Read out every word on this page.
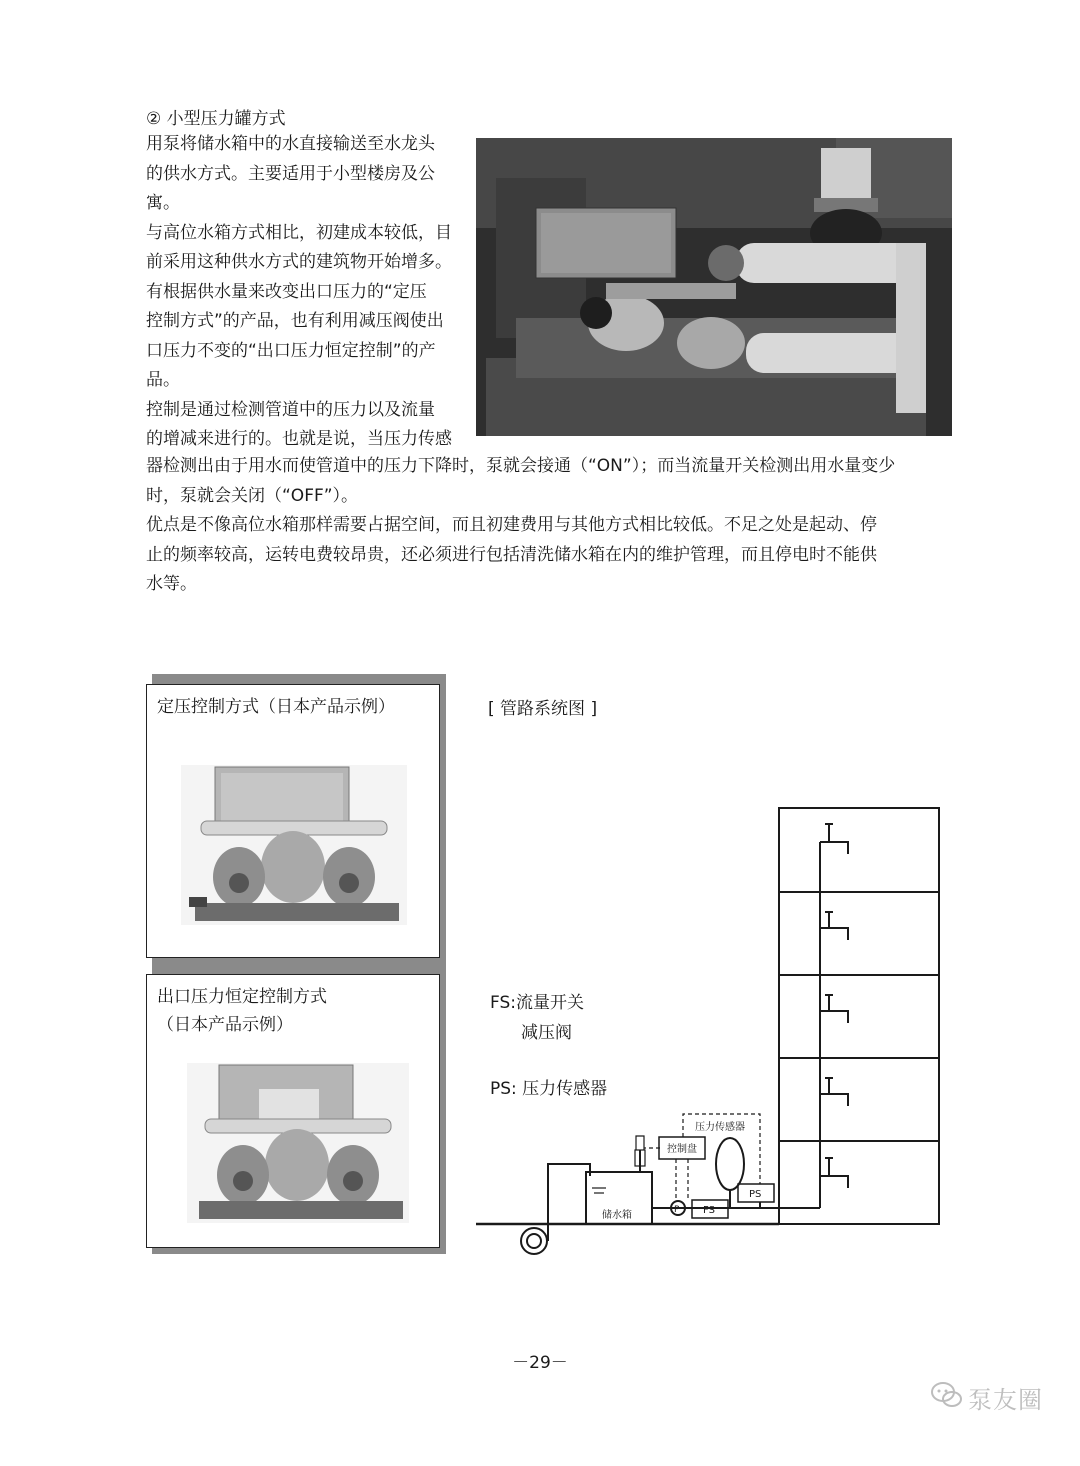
② 小型压力罐方式

用泵将储水箱中的水直接输送至水龙头

的供水方式。主要适用于小型楼房及公

寓。

与高位水箱方式相比，初建成本较低，目

前采用这种供水方式的建筑物开始增多。

有根据供水量来改变出口压力的“定压

控制方式”的产品，也有利用减压阀使出

口压力不变的“出口压力恒定控制”的产

品。

控制是通过检测管道中的压力以及流量

的增减来进行的。也就是说，当压力传感

器检测出由于用水而使管道中的压力下降时，泵就会接通（“ON”）；而当流量开关检测出用水量变少

时，泵就会关闭（“OFF”）。

优点是不像高位水箱那样需要占据空间，而且初建费用与其他方式相比较低。不足之处是起动、停

止的频率较高，运转电费较昂贵，还必须进行包括清洗储水箱在内的维护管理，而且停电时不能供

水等。

定压控制方式（日本产品示例）
出口压力恒定控制方式
（日本产品示例）
[ 管路系统图 ]
FS:流量开关
减压阀
PS: 压力传感器
压力传感器
控制盘
储水箱
PS
FS
P
－29－
泵友圈
